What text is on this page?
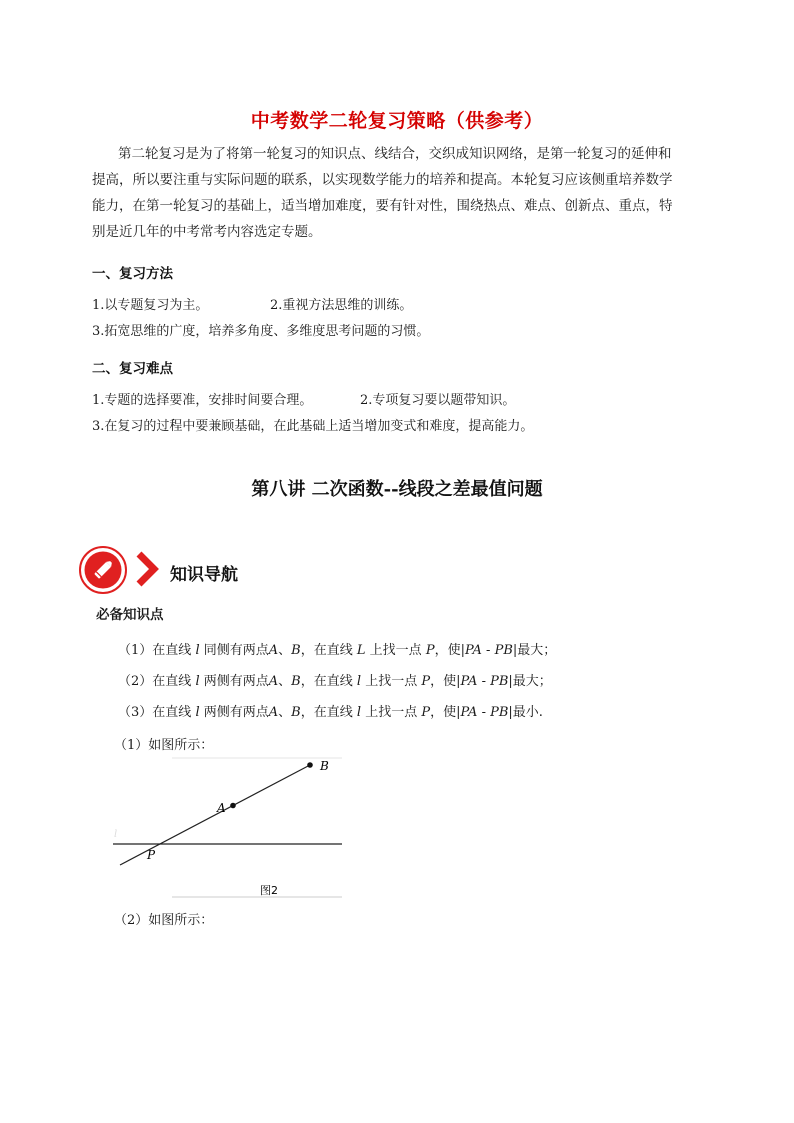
中考数学二轮复习策略（供参考）
第二轮复习是为了将第一轮复习的知识点、线结合，交织成知识网络，是第一轮复习的延伸和
提高，所以要注重与实际问题的联系，以实现数学能力的培养和提高。本轮复习应该侧重培养数学
能力，在第一轮复习的基础上，适当增加难度，要有针对性，围绕热点、难点、创新点、重点，特
别是近几年的中考常考内容选定专题。
一、复习方法
1.以专题复习为主。	2.重视方法思维的训练。
3.拓宽思维的广度，培养多角度、多维度思考问题的习惯。
二、复习难点
1.专题的选择要准，安排时间要合理。	2.专项复习要以题带知识。
3.在复习的过程中要兼顾基础，在此基础上适当增加变式和难度，提高能力。
第八讲 二次函数--线段之差最值问题
知识导航
必备知识点
（1）在直线 l 同侧有两点A、B，在直线 L 上找一点 P，使|PA - PB|最大；
（2）在直线 l 两侧有两点A、B，在直线 l 上找一点 P，使|PA - PB|最大；
（3）在直线 l 两侧有两点A、B，在直线 l 上找一点 P，使|PA - PB|最小.
（1）如图所示：
l
B
A
P
图2
（2）如图所示：
